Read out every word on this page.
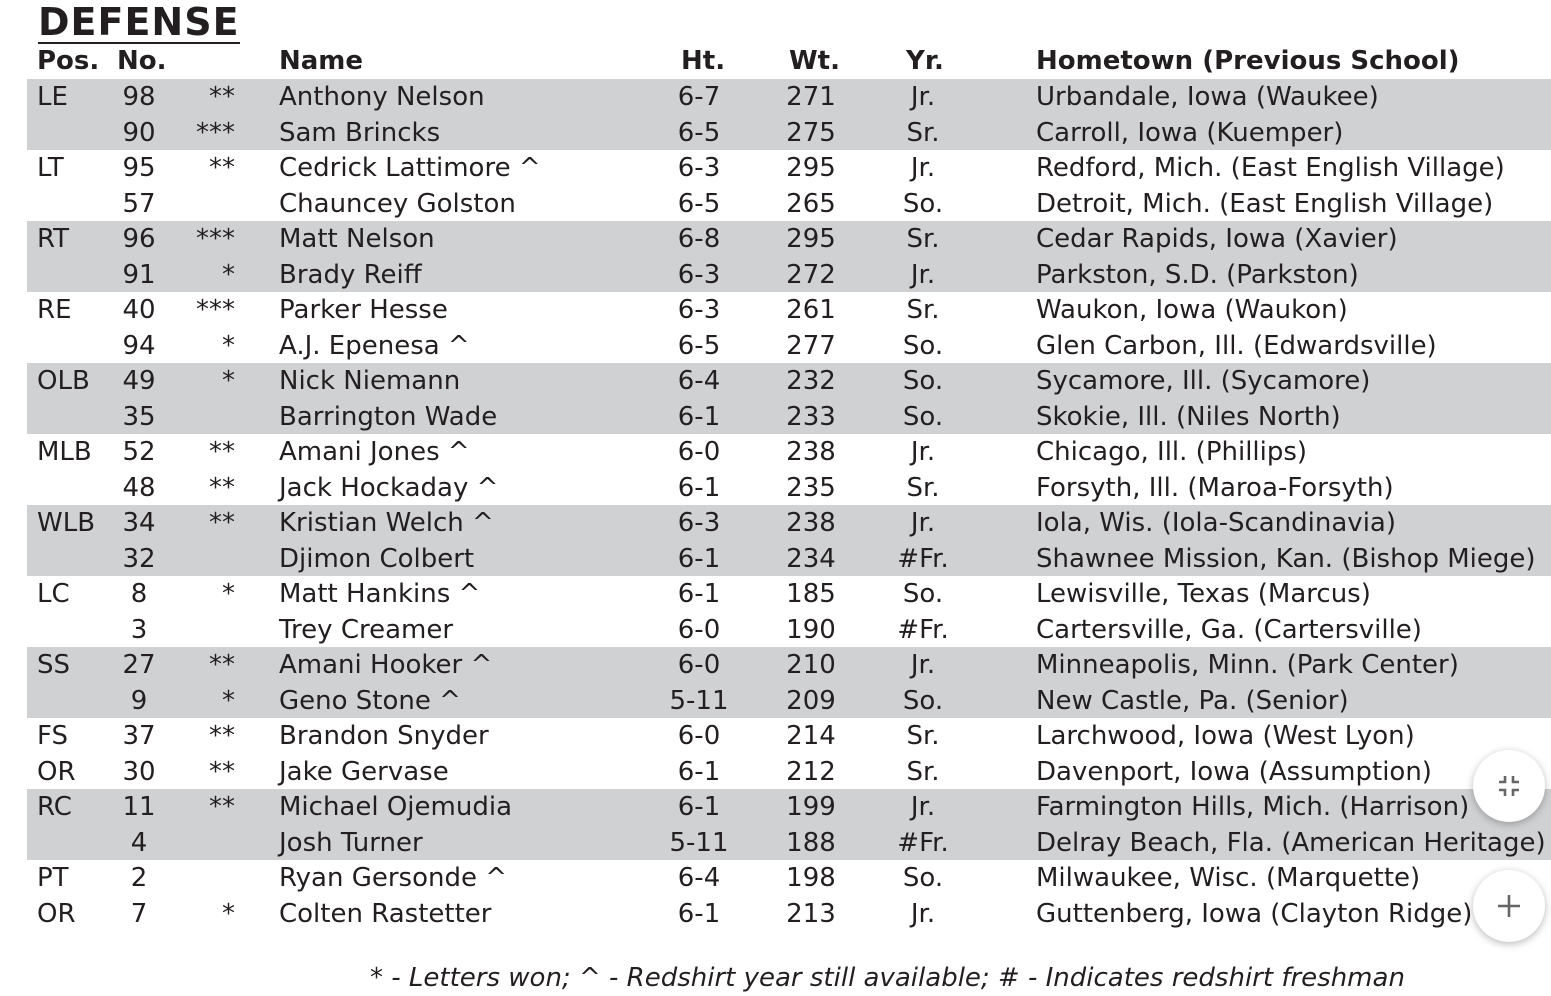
DEFENSE
Pos. No.	Name	Ht. Wt.	Yr.	Hometown (Previous School)
LE 98 ** Anthony Nelson	6-7	271	Jr.	Urbandale, Iowa (Waukee)
90 *** Sam Brincks	6-5	275	Sr.	Carroll, Iowa (Kuemper)
LT 95 ** Cedrick Lattimore ^	6-3	295	Jr.	Redford, Mich. (East English Village)
57	Chauncey Golston	6-5	265	So.	Detroit, Mich. (East English Village)
RT 96 *** Matt Nelson	6-8	295	Sr.	Cedar Rapids, Iowa (Xavier)
91	* Brady Reiff	6-3	272	Jr.	Parkston, S.D. (Parkston)
RE 40 *** Parker Hesse	6-3	261	Sr.	Waukon, Iowa (Waukon)
94	* A.J. Epenesa ^	6-5	277	So.	Glen Carbon, Ill. (Edwardsville)
OLB 49	* Nick Niemann	6-4	232	So.	Sycamore, Ill. (Sycamore)
35	Barrington Wade	6-1	233	So.	Skokie, Ill. (Niles North)
MLB 52 ** Amani Jones ^	6-0	238	Jr.	Chicago, Ill. (Phillips)
48 ** Jack Hockaday ^	6-1	235	Sr.	Forsyth, Ill. (Maroa-Forsyth)
WLB 34 ** Kristian Welch ^	6-3	238	Jr.	Iola, Wis. (Iola-Scandinavia)
32	Djimon Colbert	6-1	234 #Fr.	Shawnee Mission, Kan. (Bishop Miege)
LC 8	* Matt Hankins ^	6-1	185	So.	Lewisville, Texas (Marcus)
3	Trey Creamer	6-0	190 #Fr.	Cartersville, Ga. (Cartersville)
SS 27 ** Amani Hooker ^	6-0	210	Jr.	Minneapolis, Minn. (Park Center)
9	* Geno Stone ^	5-11 209	So.	New Castle, Pa. (Senior)
FS 37 ** Brandon Snyder	6-0	214	Sr.	Larchwood, Iowa (West Lyon)
OR 30 ** Jake Gervase	6-1	212	Sr.	Davenport, Iowa (Assumption)
RC 11 ** Michael Ojemudia	6-1	199	Jr.	Farmington Hills, Mich. (Harrison)
4	Josh Turner	5-11 188 #Fr.	Delray Beach, Fla. (American Heritage)
PT 2	Ryan Gersonde ^	6-4	198	So.	Milwaukee, Wisc. (Marquette)
OR 7	* Colten Rastetter	6-1	213	Jr.	Guttenberg, Iowa (Clayton Ridge)
* - Letters won; ^ - Redshirt year still available; # - Indicates redshirt freshman
